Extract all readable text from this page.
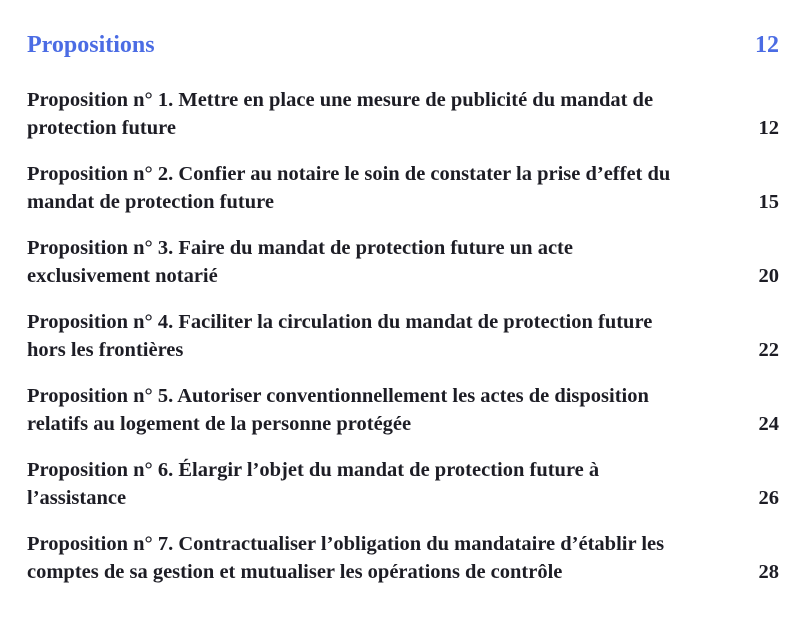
Propositions	12
Proposition n° 1. Mettre en place une mesure de publicité du mandat de
protection future	12
Proposition n° 2. Confier au notaire le soin de constater la prise d’effet du
mandat de protection future	15
Proposition n° 3. Faire du mandat de protection future un acte
exclusivement notarié	20
Proposition n° 4. Faciliter la circulation du mandat de protection future
hors les frontières	22
Proposition n° 5. Autoriser conventionnellement les actes de disposition
relatifs au logement de la personne protégée	24
Proposition n° 6. Élargir l’objet du mandat de protection future à
l’assistance	26
Proposition n° 7. Contractualiser l’obligation du mandataire d’établir les
comptes de sa gestion et mutualiser les opérations de contrôle	28
